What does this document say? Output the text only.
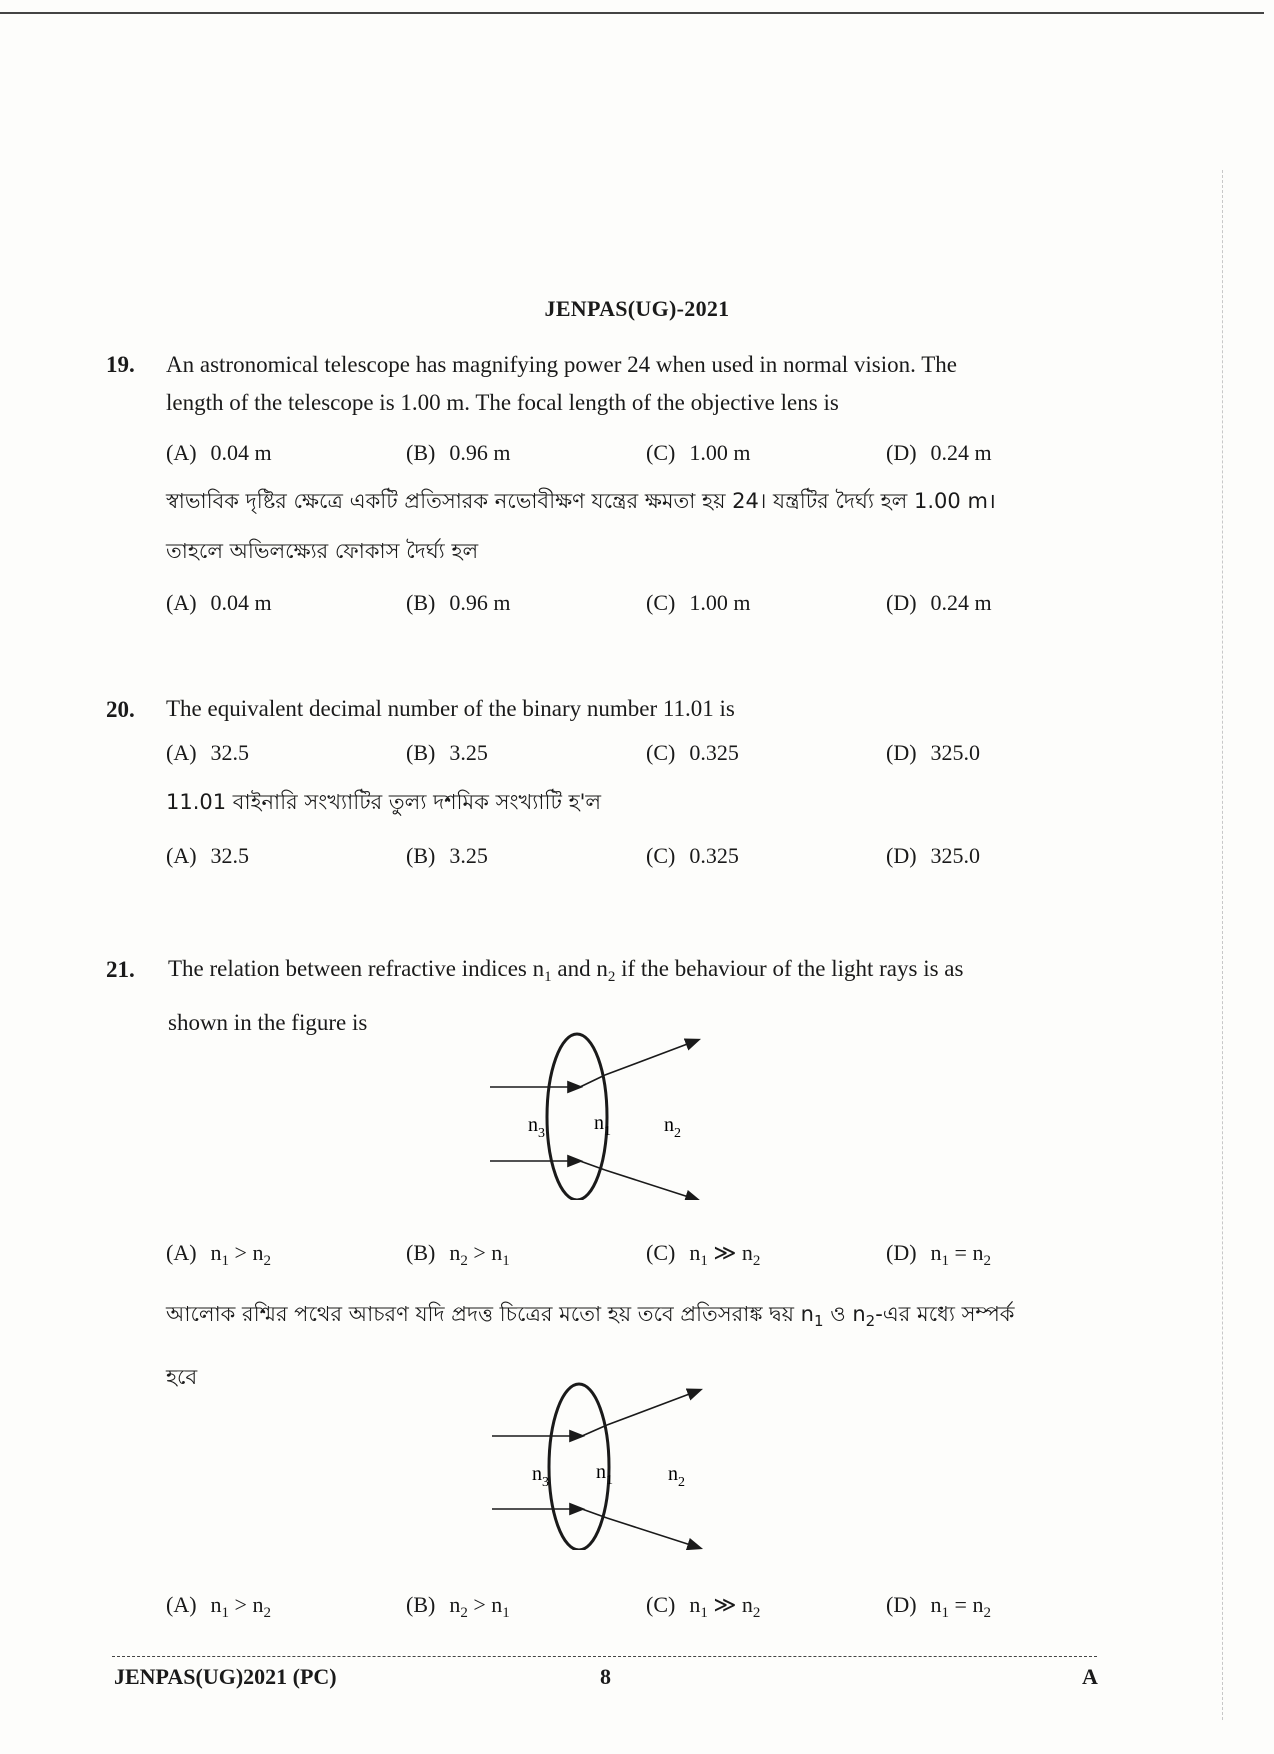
JENPAS(UG)-2021
19. An astronomical telescope has magnifying power 24 when used in normal vision. The
length of the telescope is 1.00 m. The focal length of the objective lens is
(A) 0.04 m	(B) 0.96 m	(C) 1.00 m	(D) 0.24 m
স্বাভাবিক দৃষ্টির ক্ষেত্রে একটি প্রতিসারক নভোবীক্ষণ যন্ত্রের ক্ষমতা হয় 24। যন্ত্রটির দৈর্ঘ্য হল 1.00 m।
তাহলে অভিলক্ষ্যের ফোকাস দৈর্ঘ্য হল
(A) 0.04 m	(B) 0.96 m	(C) 1.00 m	(D) 0.24 m
20. The equivalent decimal number of the binary number 11.01 is
(A) 32.5	(B) 3.25	(C) 0.325	(D) 325.0
11.01 বাইনারি সংখ্যাটির তুল্য দশমিক সংখ্যাটি হ'ল
(A) 32.5	(B) 3.25	(C) 0.325	(D) 325.0
21. The relation between refractive indices $n_1$ and $n_2$ if the behaviour of the light rays is as
shown in the figure is
$n_3$ $n_1$	$n_2$
(A) $n_1 > n_2$	(B) $n_2 > n_1$	(C) $n_1$ ≫ $n_2$	(D) $n_1 = n_2$
আলোক রশ্মির পথের আচরণ যদি প্রদত্ত চিত্রের মতো হয় তবে প্রতিসরাঙ্ক দ্বয় $n_1$ ও $n_2-এর$ মধ্যে সম্পর্ক
হবে
$n_3$ $n_1$	$n_2$
(A) $n_1 > n_2$	(B) $n_2 > n_1$	(C) $n_1$ ≫ $n_2$	(D) $n_1 = n_2$
JENPAS(UG)2021 (PC)	8	A
